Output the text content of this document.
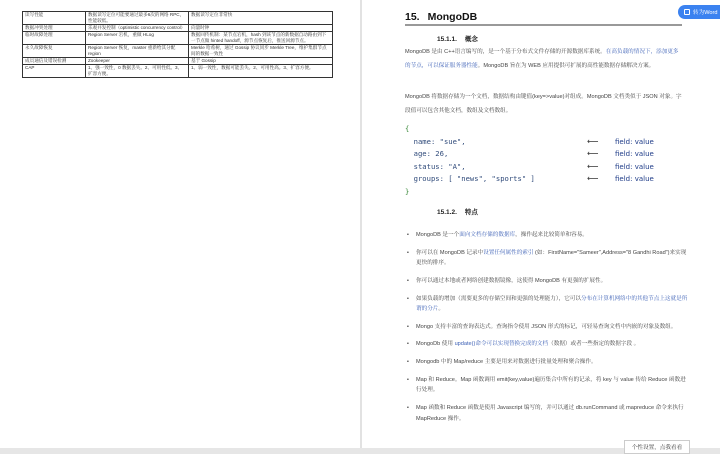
读写性能	数据读写定位可能要通过最多6次的网络 RPC，性能较低。	数据读写定位非常快
数据冲突处理	乐观并发控制（optimistic concurrency control）	向量时钟
临时故障处理	Region Server 宕机，重做 HLog	数据回传机制：某节点宕机，hash 到该节点的新数据自动路由到下一节点做 hinted handoff，源节点恢复后，推送回源节点。
永久故障恢复	Region Server 恢复，master 重新给其分配 region	Merkle 哈希树，通过 Gossip 协议同步 Merkle Tree，维护集群节点间的数据一致性
成员通信及错误检测	Zookeeper	基于 Gossip
CAP	1、强一致性，0 数据丢失。2、可用性低。3、扩容方便。	1、弱一致性，数据可能丢失。2、可用性高。3、扩容方便。
15. MongoDB
15.1.1. 概念
MongoDB 是由 C++语言编写的，是一个基于分布式文件存储的开源数据库系统。在高负载的情况下，添加更多的节点，可以保证服务器性能。MongoDB 旨在为 WEB 应用提供可扩展的高性能数据存储解决方案。
MongoDB 将数据存储为一个文档，数据结构由键值(key=>value)对组成。MongoDB 文档类似于 JSON 对象。字段值可以包含其他文档，数组及文档数组。
{
name: "sue",	⟵ field: value
age: 26,	⟵ field: value
status: "A",	⟵ field: value
groups: [ "news", "sports" ]	⟵ field: value
}
15.1.2. 特点
▪ MongoDB 是一个面向文档存储的数据库，操作起来比较简单和容易。
▪ 你可以在 MongoDB 记录中设置任何属性的索引 (如：FirstName="Sameer",Address="8 Gandhi Road")来实现更快的排序。
▪ 你可以通过本地或者网络创建数据镜像，这使得 MongoDB 有更强的扩展性。
▪ 如果负载的增加（需要更多的存储空间和更强的处理能力），它可以分布在计算机网络中的其他节点上这就是所谓的分片。
▪ Mongo 支持丰富的查询表达式。查询指令使用 JSON 形式的标记，可轻易查询文档中内嵌的对象及数组。
▪ MongoDb 使用 update()命令可以实现替换完成的文档（数据）或者一些指定的数据字段 。
▪ Mongodb 中的 Map/reduce 主要是用来对数据进行批量处理和聚合操作。
▪ Map 和 Reduce。Map 函数调用 emit(key,value)遍历集合中所有的记录，将 key 与 value 传给 Reduce 函数进行处理。
▪ Map 函数和 Reduce 函数是使用 Javascript 编写的，并可以通过 db.runCommand 或 mapreduce 命令来执行 MapReduce 操作。
转为Word
个性设置，点我看看
